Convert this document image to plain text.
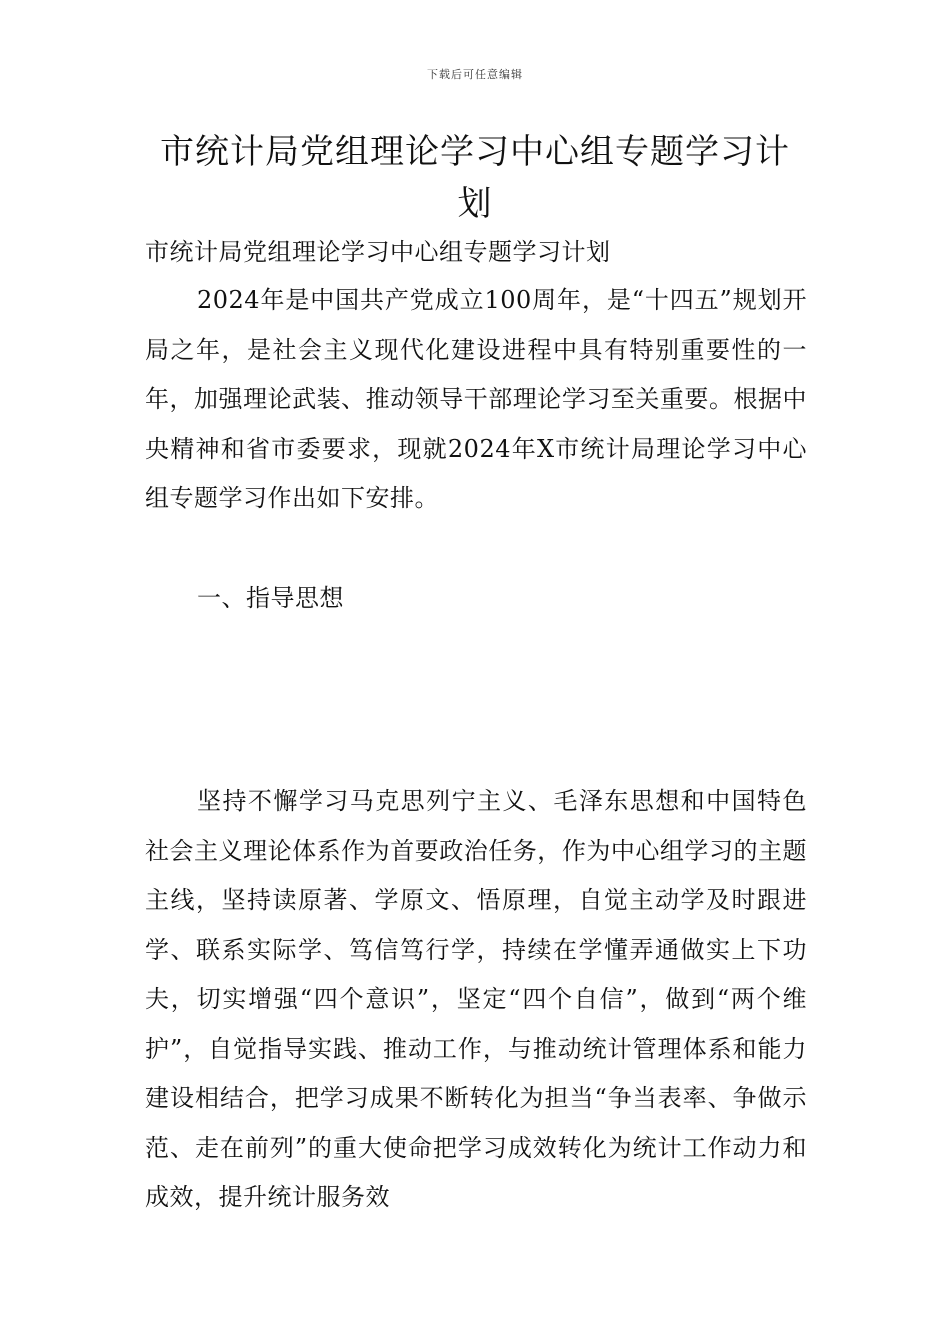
下载后可任意编辑
市统计局党组理论学习中心组专题学习计划

市统计局党组理论学习中心组专题学习计划

2024年是中国共产党成立100周年，是“十四五”规划开局之年，是社会主义现代化建设进程中具有特别重要性的一年，加强理论武装、推动领导干部理论学习至关重要。根据中央精神和省市委要求，现就2024年X市统计局理论学习中心组专题学习作出如下安排。

一、指导思想

坚持不懈学习马克思列宁主义、毛泽东思想和中国特色社会主义理论体系作为首要政治任务，作为中心组学习的主题主线，坚持读原著、学原文、悟原理，自觉主动学及时跟进学、联系实际学、笃信笃行学，持续在学懂弄通做实上下功夫，切实增强“四个意识”，坚定“四个自信”，做到“两个维护”，自觉指导实践、推动工作，与推动统计管理体系和能力建设相结合，把学习成果不断转化为担当“争当表率、争做示范、走在前列”的重大使命把学习成效转化为统计工作动力和成效，提升统计服务效
